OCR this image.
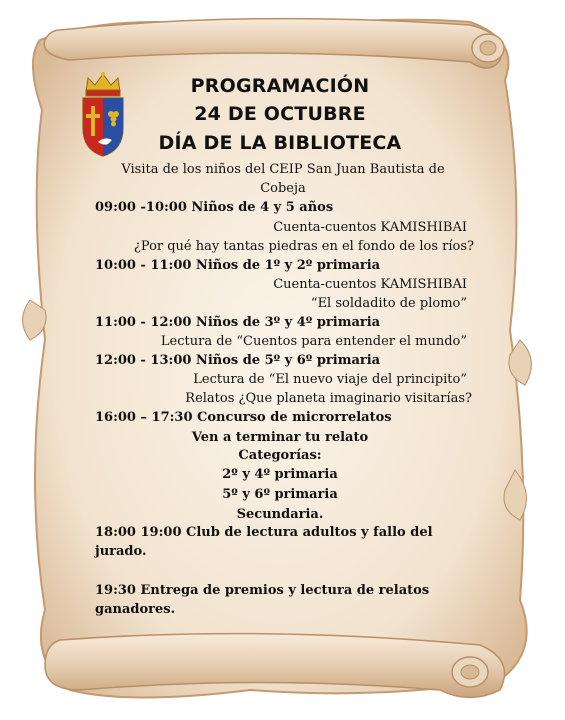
PROGRAMACIÓN
24 DE OCTUBRE
DÍA DE LA BIBLIOTECA
Visita de los niños del CEIP San Juan Bautista de
Cobeja
09:00 -10:00 Niños de 4 y 5 años
Cuenta-cuentos KAMISHIBAI
¿Por qué hay tantas piedras en el fondo de los ríos?
10:00 - 11:00 Niños de 1º y 2º primaria
Cuenta-cuentos KAMISHIBAI
“El soldadito de plomo”
11:00 - 12:00 Niños de 3º y 4º primaria
Lectura de “Cuentos para entender el mundo”
12:00 - 13:00 Niños de 5º y 6º primaria
Lectura de “El nuevo viaje del principito”
Relatos ¿Que planeta imaginario visitarías?
16:00 – 17:30 Concurso de microrrelatos
Ven a terminar tu relato
Categorías:
2º y 4º primaria
5º y 6º primaria
Secundaria.
18:00 19:00 Club de lectura adultos y fallo del
jurado.
19:30 Entrega de premios y lectura de relatos
ganadores.
